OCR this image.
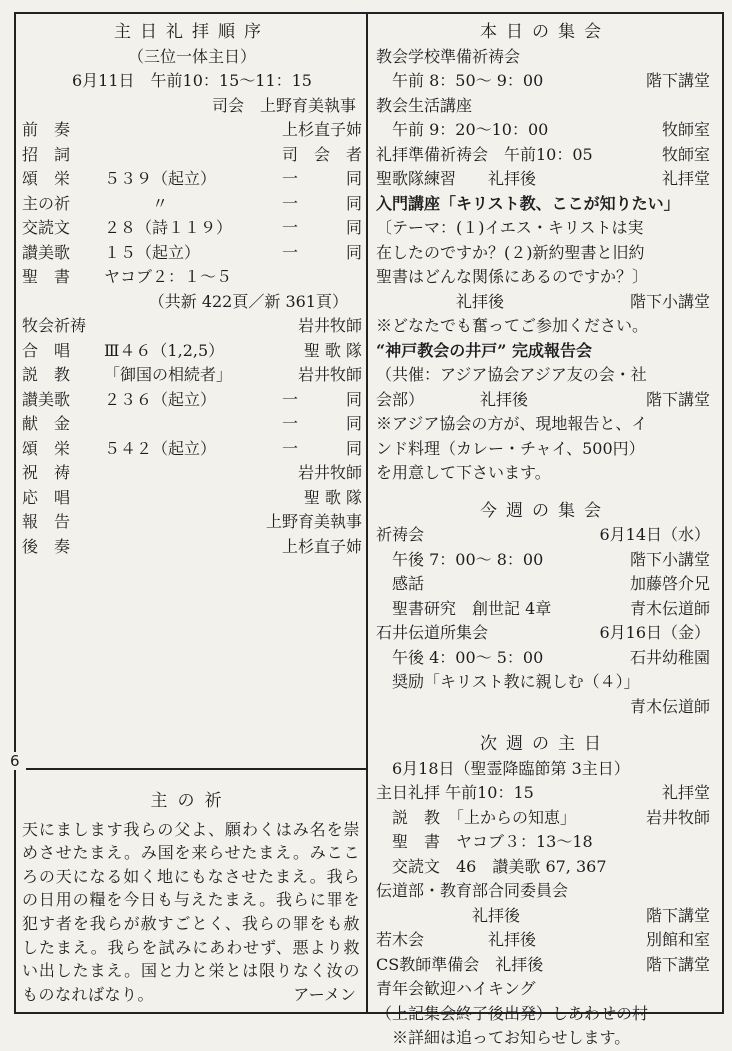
6
主日礼拝順序
（三位一体主日）
6月11日　午前10：15〜11：15
司会　上野育美執事
前　奏	上杉直子姉
招　詞	司　会　者
頌　栄	５３９（起立）	一　　　同
主の祈	　　　〃	一　　　同
交読文	２８（詩１１９）	一　　　同
讃美歌	１５（起立）	一　　　同
聖　書	ヤコブ２：１〜５
（共新 422頁／新 361頁）
牧会祈祷	岩井牧師
合　唱	Ⅲ４６（1,2,5）	聖 歌 隊
説　教	「御国の相続者」	岩井牧師
讃美歌	２３６（起立）	一　　　同
献　金	一　　　同
頌　栄	５４２（起立）	一　　　同
祝　祷	岩井牧師
応　唱	聖 歌 隊
報　告	上野育美執事
後　奏	上杉直子姉
主の祈
天にまします我らの父よ、願わくはみ名を崇めさせたまえ。み国を来らせたまえ。みこころの天になる如く地にもなさせたまえ。我らの日用の糧を今日も与えたまえ。我らに罪を犯す者を我らが赦すごとく、我らの罪をも赦したまえ。我らを試みにあわせず、悪より救い出したまえ。国と力と栄とは限りなく汝のものなればなり。	アーメン
本日の集会
教会学校準備祈祷会
　午前 8：50〜 9：00	階下講堂
教会生活講座
　午前 9：20〜10：00	牧師室
礼拝準備祈祷会　午前10：05	牧師室
聖歌隊練習　　礼拝後	礼拝堂
入門講座「キリスト教、ここが知りたい」
〔テーマ：(１)イエス・キリストは実
在したのですか？(２)新約聖書と旧約
聖書はどんな関係にあるのですか？〕
　　　　　礼拝後	階下小講堂
※どなたでも奮ってご参加ください。
“神戸教会の井戸” 完成報告会
（共催：アジア協会アジア友の会・社
会部）　　　　礼拝後	階下講堂
※アジア協会の方が、現地報告と、イ
ンド料理（カレー・チャイ、500円）
を用意して下さいます。
今週の集会
祈祷会	6月14日（水）
　午後 7：00〜 8：00	階下小講堂
　感話	加藤啓介兄
　聖書研究　創世記 4章	青木伝道師
石井伝道所集会	6月16日（金）
　午後 4：00〜 5：00	石井幼稚園
　奨励「キリスト教に親しむ（４）」
青木伝道師
次週の主日
　6月18日（聖霊降臨節第 3主日）
主日礼拝 午前10：15	礼拝堂
　説　教　「上からの知恵」	岩井牧師
　聖　書　ヤコブ３：13〜18
　交読文　46　讃美歌 67, 367
伝道部・教育部合同委員会
　　　　　　礼拝後	階下講堂
若木会　　　　礼拝後	別館和室
CS教師準備会　礼拝後	階下講堂
青年会歓迎ハイキング
（上記集会終了後出発）しあわせの村
　※詳細は追ってお知らせします。
